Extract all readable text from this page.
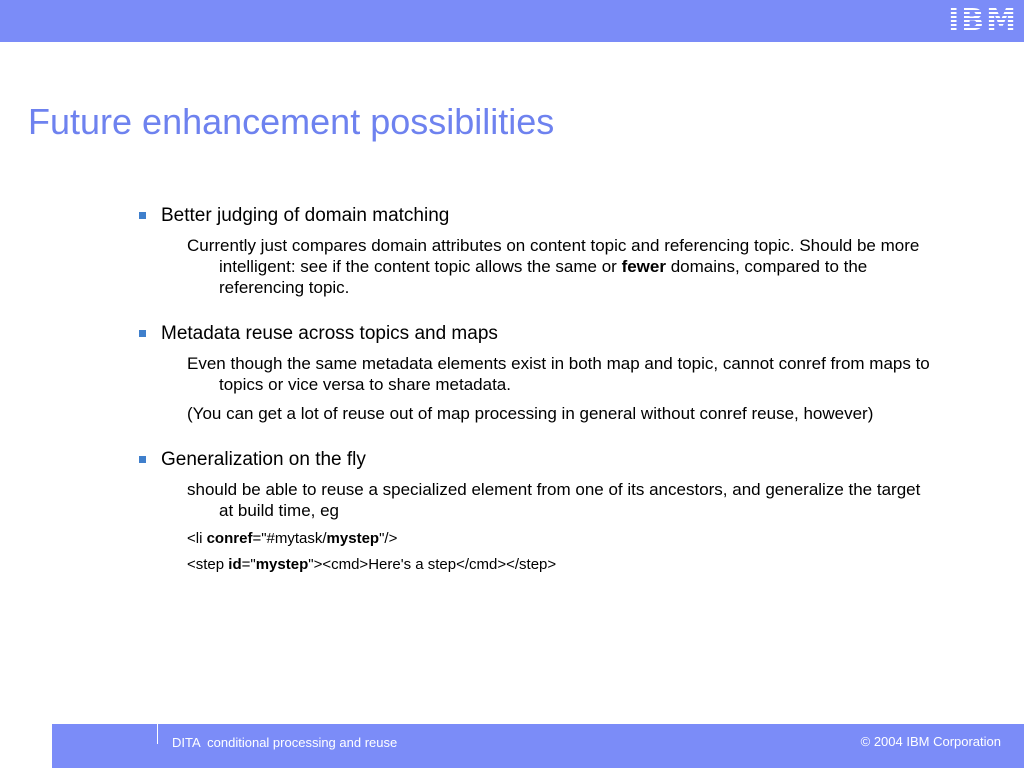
IBM
Future enhancement possibilities
Better judging of domain matching
Currently just compares domain attributes on content topic and referencing topic. Should be more intelligent: see if the content topic allows the same or fewer domains, compared to the referencing topic.
Metadata reuse across topics and maps
Even though the same metadata elements exist in both map and topic, cannot conref from maps to topics or vice versa to share metadata.
(You can get a lot of reuse out of map processing in general without conref reuse, however)
Generalization on the fly
should be able to reuse a specialized element from one of its ancestors, and generalize the target at build time, eg
<li conref="#mytask/mystep"/>
<step id="mystep"><cmd>Here's a step</cmd></step>
DITA  conditional processing and reuse	© 2004 IBM Corporation
